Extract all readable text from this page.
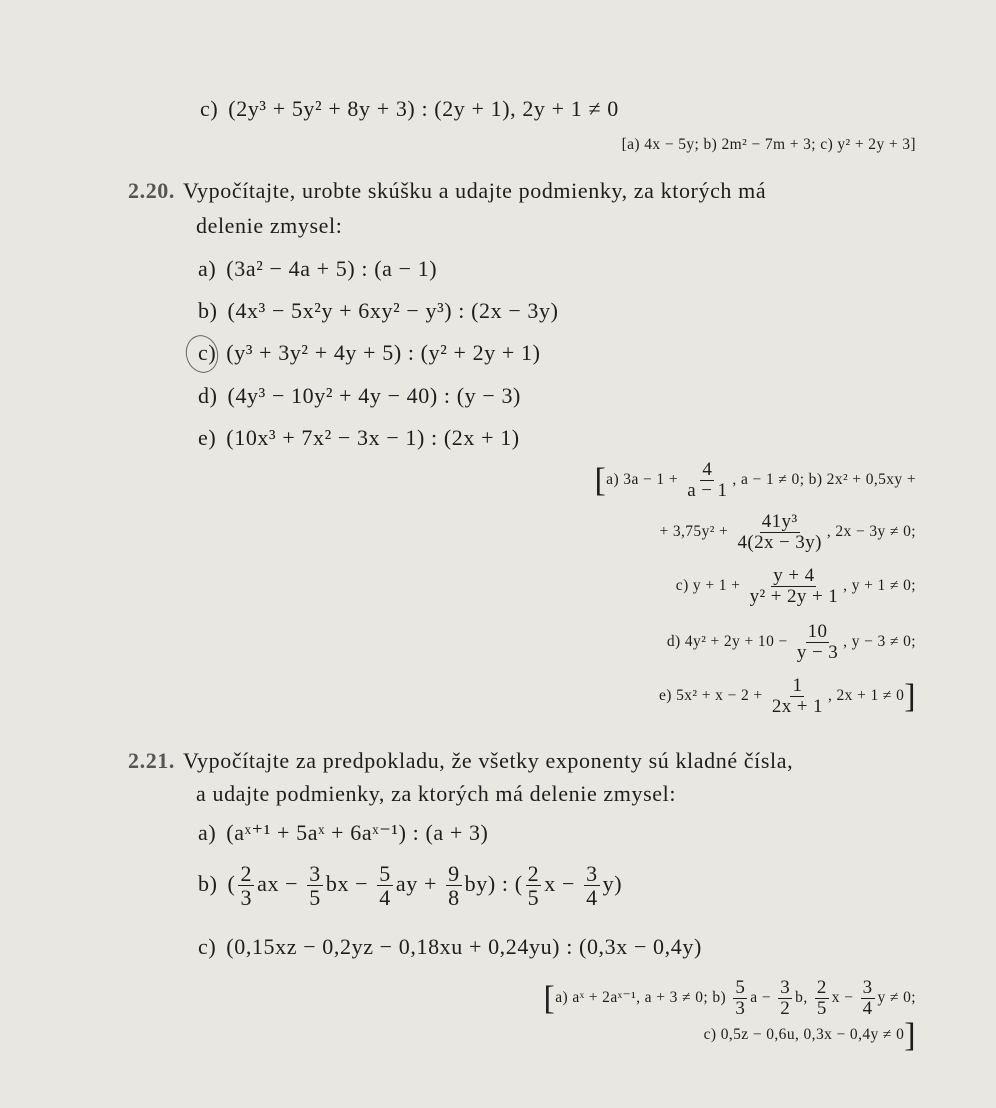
c) (2y³ + 5y² + 8y + 3) : (2y + 1), 2y + 1 ≠ 0
[a) 4x − 5y; b) 2m² − 7m + 3; c) y² + 2y + 3]
2.20. Vypočítajte, urobte skúšku a udajte podmienky, za ktorých má
delenie zmysel:
2.21. Vypočítajte za predpokladu, že všetky exponenty sú kladné čísla,
a udajte podmienky, za ktorých má delenie zmysel:
a) (3a² − 4a + 5) : (a − 1)
b) (4x³ − 5x²y + 6xy² − y³) : (2x − 3y)
c) (y³ + 3y² + 4y + 5) : (y² + 2y + 1)
d) (4y³ − 10y² + 4y − 40) : (y − 3)
e) (10x³ + 7x² − 3x − 1) : (2x + 1)
[a) $3a - 1 + \frac{4}{a - 1}$ , a − 1 ≠ 0; b) 2x² + 0,5xy +
+ $3,75y^2 + \frac{\text{41y³}}{4(2x - 3y)}$ , 2x − 3y ≠ 0;
c) $y + 1 + \frac{y + 4}{\text{y² + 2y + 1}}$ , y + 1 ≠ 0;
d) $4y^2 + 2y + 10 - \frac{10}{y - 3}$ , y − 3 ≠ 0;
e) $5x^2 + x - 2 + \frac{1}{2x + 1}$ , 2x + 1 ≠ 0]
a) (aˣ⁺¹ + 5aˣ + 6aˣ⁻¹) : (a + 3)
b) ( $\frac{2}{3}$ ax − $\frac{3}{5}$ bx − $\frac{5}{4}$ ay + $\frac{9}{8} by$) : ( $\frac{2}{5}$ $x - \frac{3}{4} y$)
c) (0,15xz − 0,2yz − 0,18xu + 0,24yu) : (0,3x − 0,4y)
[a) aˣ + 2aˣ⁻¹, a + 3 ≠ 0; $b) \frac{5}{3}$ $a - \frac{3}{2} b$, $\frac{2}{5}$ $x - \frac{3}{4}$ y ≠ 0;
c) 0,5z − 0,6u, 0,3x − 0,4y ≠ 0]
